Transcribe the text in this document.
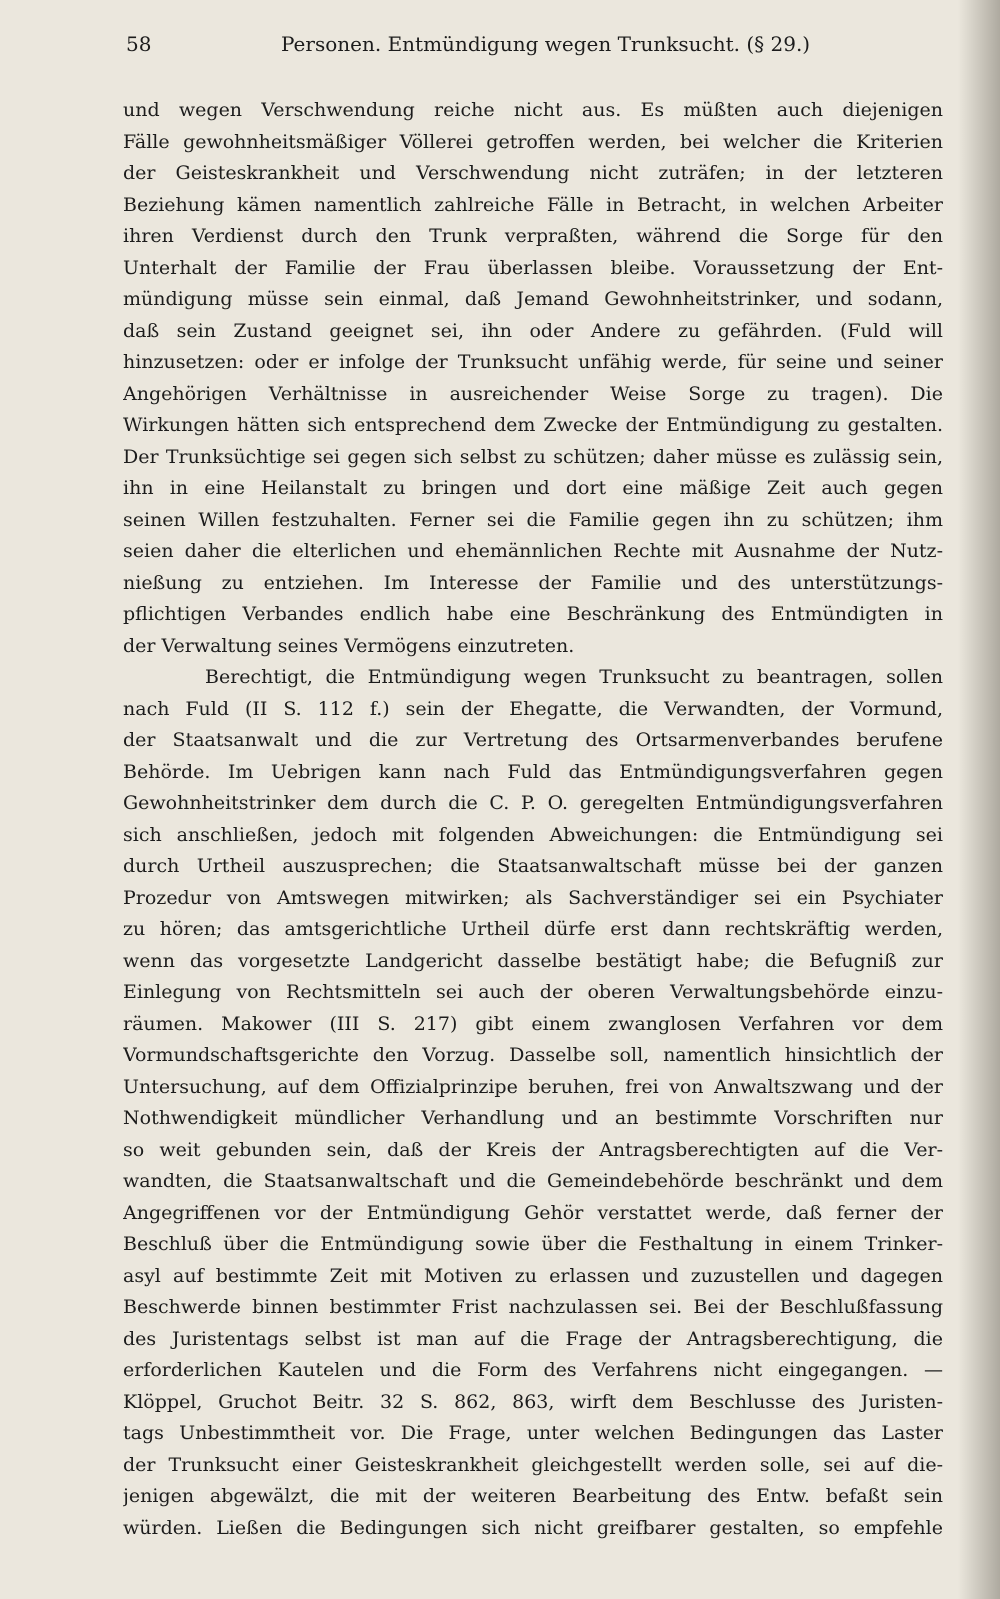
58	Personen. Entmündigung wegen Trunksucht. (§ 29.)
und wegen Verschwendung reiche nicht aus. Es müßten auch diejenigen
Fälle gewohnheitsmäßiger Völlerei getroffen werden, bei welcher die Kriterien
der Geisteskrankheit und Verschwendung nicht zuträfen; in der letzteren
Beziehung kämen namentlich zahlreiche Fälle in Betracht, in welchen Arbeiter
ihren Verdienst durch den Trunk verpraßten, während die Sorge für den
Unterhalt der Familie der Frau überlassen bleibe. Voraussetzung der Ent-
mündigung müsse sein einmal, daß Jemand Gewohnheitstrinker, und sodann,
daß sein Zustand geeignet sei, ihn oder Andere zu gefährden. (Fuld will
hinzusetzen: oder er infolge der Trunksucht unfähig werde, für seine und seiner
Angehörigen Verhältnisse in ausreichender Weise Sorge zu tragen). Die
Wirkungen hätten sich entsprechend dem Zwecke der Entmündigung zu gestalten.
Der Trunksüchtige sei gegen sich selbst zu schützen; daher müsse es zulässig sein,
ihn in eine Heilanstalt zu bringen und dort eine mäßige Zeit auch gegen
seinen Willen festzuhalten. Ferner sei die Familie gegen ihn zu schützen; ihm
seien daher die elterlichen und ehemännlichen Rechte mit Ausnahme der Nutz-
nießung zu entziehen. Im Interesse der Familie und des unterstützungs-
pflichtigen Verbandes endlich habe eine Beschränkung des Entmündigten in
der Verwaltung seines Vermögens einzutreten.
Berechtigt, die Entmündigung wegen Trunksucht zu beantragen, sollen
nach Fuld (II S. 112 f.) sein der Ehegatte, die Verwandten, der Vormund,
der Staatsanwalt und die zur Vertretung des Ortsarmenverbandes berufene
Behörde. Im Uebrigen kann nach Fuld das Entmündigungsverfahren gegen
Gewohnheitstrinker dem durch die C. P. O. geregelten Entmündigungsverfahren
sich anschließen, jedoch mit folgenden Abweichungen: die Entmündigung sei
durch Urtheil auszusprechen; die Staatsanwaltschaft müsse bei der ganzen
Prozedur von Amtswegen mitwirken; als Sachverständiger sei ein Psychiater
zu hören; das amtsgerichtliche Urtheil dürfe erst dann rechtskräftig werden,
wenn das vorgesetzte Landgericht dasselbe bestätigt habe; die Befugniß zur
Einlegung von Rechtsmitteln sei auch der oberen Verwaltungsbehörde einzu-
räumen. Makower (III S. 217) gibt einem zwanglosen Verfahren vor dem
Vormundschaftsgerichte den Vorzug. Dasselbe soll, namentlich hinsichtlich der
Untersuchung, auf dem Offizialprinzipe beruhen, frei von Anwaltszwang und der
Nothwendigkeit mündlicher Verhandlung und an bestimmte Vorschriften nur
so weit gebunden sein, daß der Kreis der Antragsberechtigten auf die Ver-
wandten, die Staatsanwaltschaft und die Gemeindebehörde beschränkt und dem
Angegriffenen vor der Entmündigung Gehör verstattet werde, daß ferner der
Beschluß über die Entmündigung sowie über die Festhaltung in einem Trinker-
asyl auf bestimmte Zeit mit Motiven zu erlassen und zuzustellen und dagegen
Beschwerde binnen bestimmter Frist nachzulassen sei. Bei der Beschlußfassung
des Juristentags selbst ist man auf die Frage der Antragsberechtigung, die
erforderlichen Kautelen und die Form des Verfahrens nicht eingegangen. —
Klöppel, Gruchot Beitr. 32 S. 862, 863, wirft dem Beschlusse des Juristen-
tags Unbestimmtheit vor. Die Frage, unter welchen Bedingungen das Laster
der Trunksucht einer Geisteskrankheit gleichgestellt werden solle, sei auf die-
jenigen abgewälzt, die mit der weiteren Bearbeitung des Entw. befaßt sein
würden. Ließen die Bedingungen sich nicht greifbarer gestalten, so empfehle
